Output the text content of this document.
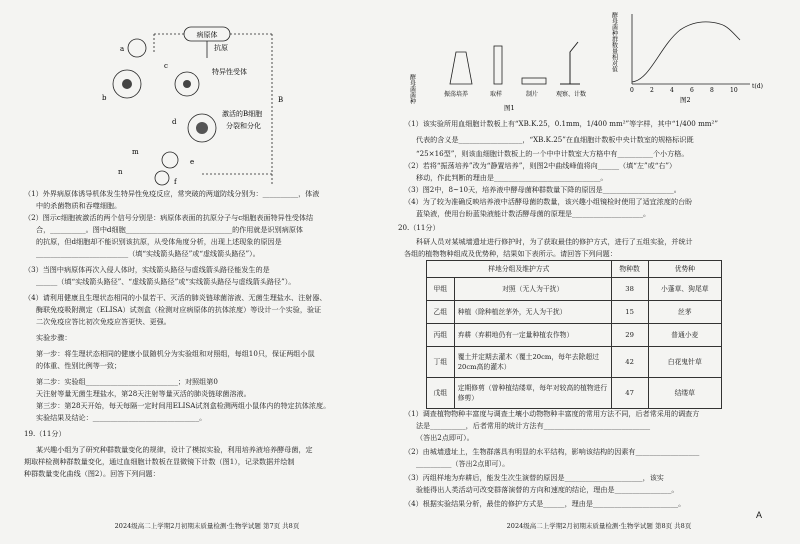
病原体
抗原
a
b
c
特异性受体
d
激活的B细胞
分裂和分化
B
e
f
m
n
（1）外界病原体诱导机体发生特异性免疫反应，常突破的两道防线分别为：__________，体液
中的杀菌物质和吞噬细胞。
（2）图示c细胞被激活的两个信号分别是：病原体表面的抗原分子与c细胞表面特异性受体结
合，__________。图中d细胞______________________________的作用就是识别病原体
的抗原，但d细胞却不能识别该抗原，从受体角度分析，出现上述现象的原因是
__________________________（填“实线箭头路径”或“虚线箭头路径”）。
（3）当图中病原体再次入侵人体时，实线箭头路径与虚线箭头路径能发生的是
______（填“实线箭头路径”、“虚线箭头路径”或“实线箭头路径与虚线箭头路径”）。
（4）请利用健康且生理状态相同的小鼠若干、灭活的肺炎链球菌溶液、无菌生理盐水、注射器、
酶联免疫吸附测定（ELISA）试剂盒（检测对应病原体的抗体浓度）等设计一个实验，验证
二次免疫应答比初次免疫应答更快、更强。
实验步骤：
第一步：将生理状态相同的健康小鼠随机分为实验组和对照组，每组10只，保证两组小鼠
的体重、性别比例等一致；
第二步：实验组__________________________；对照组第0
天注射等量无菌生理盐水，第28天注射等量灭活的肺炎链球菌溶液。
第三步：第28天开始，每天每隔一定时间用ELISA试剂盒检测两组小鼠体内的特定抗体浓度。
实验结果及结论：______________________________。
19.（11分）
某兴趣小组为了研究种群数量变化的规律，设计了模拟实验，利用培养液培养酵母菌，定
期取样检测种群数量变化，通过血细胞计数板在显微镜下计数（图1），记录数据并绘制
种群数量变化曲线（图2）。回答下列问题：
2024级高二上学期2月初期末质量检测·生物学试题 第7页 共8页
酵母菌菌种	振荡培养	取样	制片	观察、计数
图1
酵母菌种群数量相对值
t(d)
0	2	4	6	8	10
图2
（1）该实验所用血细胞计数板上有“XB.K.25，0.1mm，1/400 mm²”等字样，其中“1/400 mm²”
代表的含义是__________________，“XB.K.25”在血细胞计数板中央计数室的规格标识既
“25×16型”，则该血细胞计数板上的一个中中计数室大方格中有__________个小方格。
（2）若将“振荡培养”改为“静置培养”，则图2中曲线峰值将向______（填“左”或“右”）
移动，作此判断的理由是______________________________。
（3）图2中，8~10天，培养液中酵母菌种群数量下降的原因是____________________。
（4）为了较为准确反映培养液中活酵母菌的数量，该兴趣小组镜检时使用了适宜浓度的台盼
蓝染液，使用台盼蓝染液能计数活酵母菌的原理是____________________。
20.（11分）
科研人员对某城墙遗址进行修护时，为了获取最佳的修护方式，进行了五组实验，并统计
各组的植物物种组成及优势种，结果如下表所示。请回答下列问题：
样地分组及维护方式		物种数	优势种
甲组	对照（无人为干扰）	38	小蓬草、狗尾草
乙组	种植（除种植丝茅外，无人为干扰）	15	丝茅
丙组	弃耕（弃耕地仍有一定量种植农作物）	29	普通小麦
丁组	覆土并定期去灌木（覆土20cm，每年去除超过20cm高的灌木）	42	白花鬼针草
戊组	定期修剪（曾种植结缕草，每年对较高的植物进行修剪）	47	结缕草
（1）调查植物物种丰富度与调查土壤小动物物种丰富度的常用方法不同，后者常采用的调查方
法是__________，后者常用的统计方法有______________________________
（答出2点即可）。
（2）由城墙遗址上，生物群落具有明显的水平结构，影响该结构的因素有__________________
__________（答出2点即可）。
（3）丙组样地为弃耕后，能发生次生演替的原因是______________________，该实
验能得出人类活动可改变群落演替的方向和速度的结论，理由是________________。
（4）根据实验结果分析，最佳的修护方式是______，理由是________________________。
2024级高二上学期2月初期末质量检测·生物学试题 第8页 共8页
A
